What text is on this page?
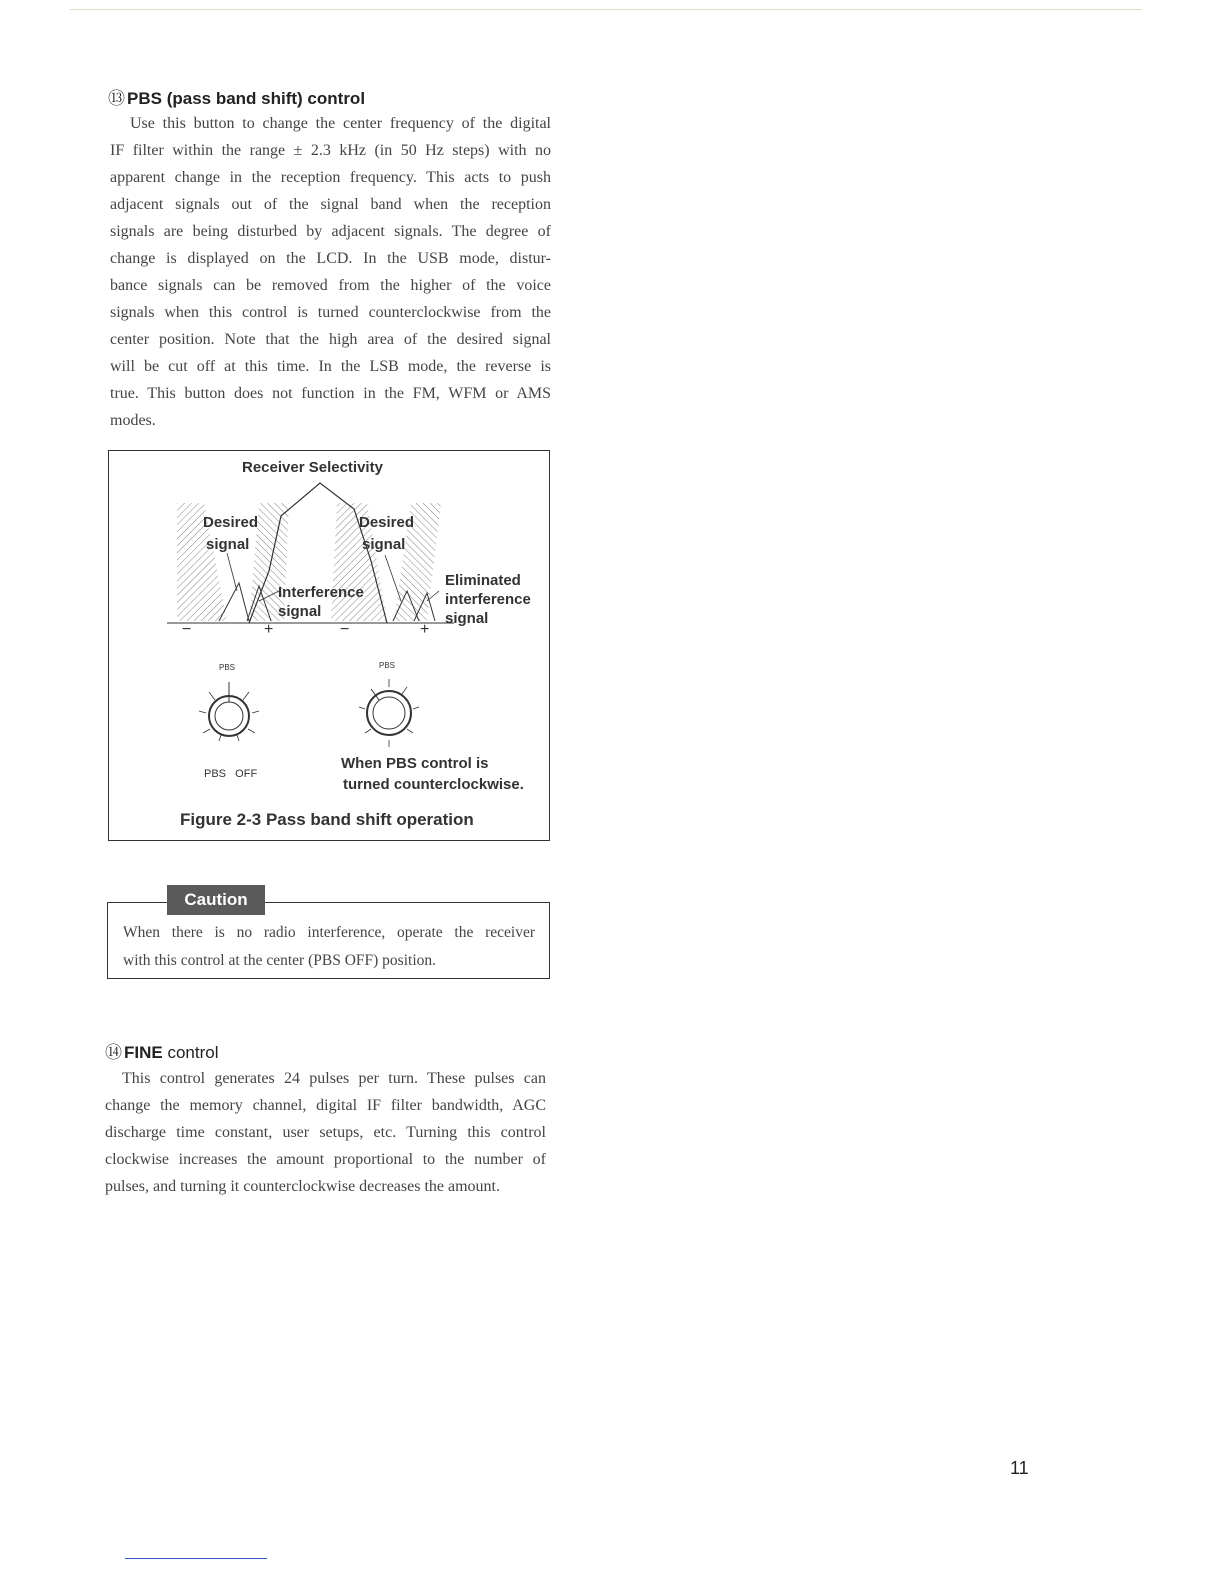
⑬ PBS (pass band shift) control
Use this button to change the center frequency of the digital
IF filter within the range ± 2.3 kHz (in 50 Hz steps) with no
apparent change in the reception frequency. This acts to push
adjacent signals out of the signal band when the reception
signals are being disturbed by adjacent signals. The degree of
change is displayed on the LCD. In the USB mode, distur-
bance signals can be removed from the higher of the voice
signals when this control is turned counterclockwise from the
center position. Note that the high area of the desired signal
will be cut off at this time. In the LSB mode, the reverse is
true. This button does not function in the FM, WFM or AMS
modes.
Receiver Selectivity
Desired
signal
Interference
signal
Desired
signal
Eliminated
interference
signal
−	+	−	+
PBS	PBS
PBS   OFF
When PBS control is
turned counterclockwise.
Figure 2-3 Pass band shift operation
When there is no radio interference, operate the receiver
with this control at the center (PBS OFF) position.
Caution
⑭ FINE control
This control generates 24 pulses per turn. These pulses can
change the memory channel, digital IF filter bandwidth, AGC
discharge time constant, user setups, etc. Turning this control
clockwise increases the amount proportional to the number of
pulses, and turning it counterclockwise decreases the amount.
11
